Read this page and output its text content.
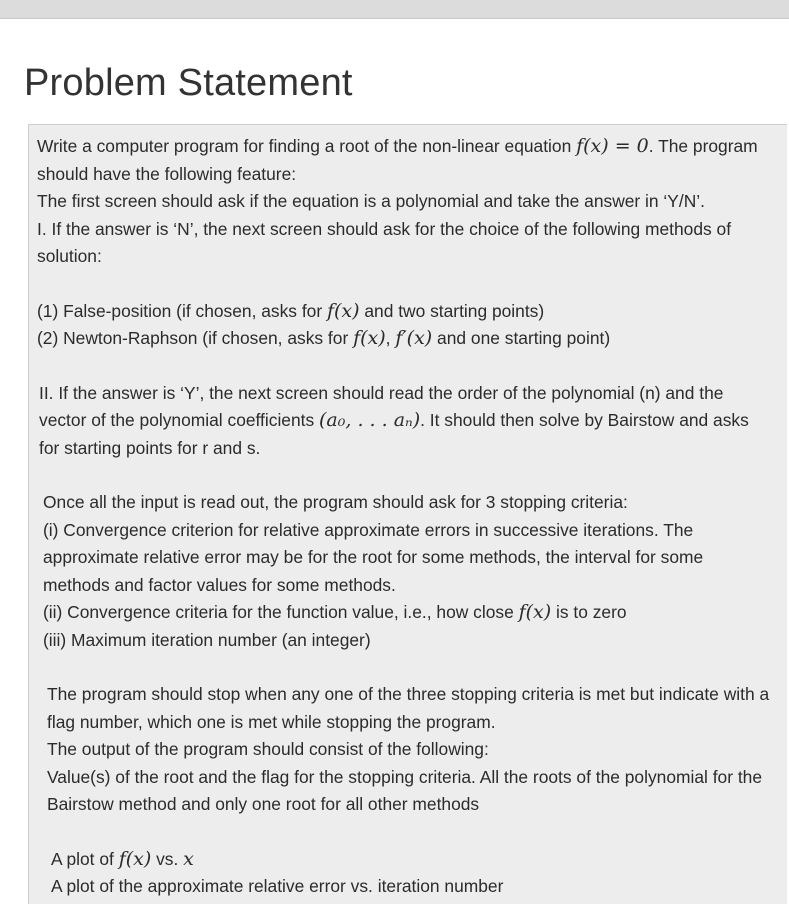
Problem Statement

Write a computer program for finding a root of the non-linear equation f(x) = 0. The program should have the following feature:
The first screen should ask if the equation is a polynomial and take the answer in ‘Y/N’.
I. If the answer is ‘N’, the next screen should ask for the choice of the following methods of solution:

(1) False-position (if chosen, asks for f(x) and two starting points)
(2) Newton-Raphson (if chosen, asks for f(x), f′(x) and one starting point)

II. If the answer is ‘Y’, the next screen should read the order of the polynomial (n) and the vector of the polynomial coefficients (a₀, . . . aₙ). It should then solve by Bairstow and asks for starting points for r and s.

Once all the input is read out, the program should ask for 3 stopping criteria:
(i) Convergence criterion for relative approximate errors in successive iterations. The approximate relative error may be for the root for some methods, the interval for some methods and factor values for some methods.
(ii) Convergence criteria for the function value, i.e., how close f(x) is to zero
(iii) Maximum iteration number (an integer)

The program should stop when any one of the three stopping criteria is met but indicate with a flag number, which one is met while stopping the program.
The output of the program should consist of the following:
Value(s) of the root and the flag for the stopping criteria. All the roots of the polynomial for the Bairstow method and only one root for all other methods

A plot of f(x) vs. x
A plot of the approximate relative error vs. iteration number
